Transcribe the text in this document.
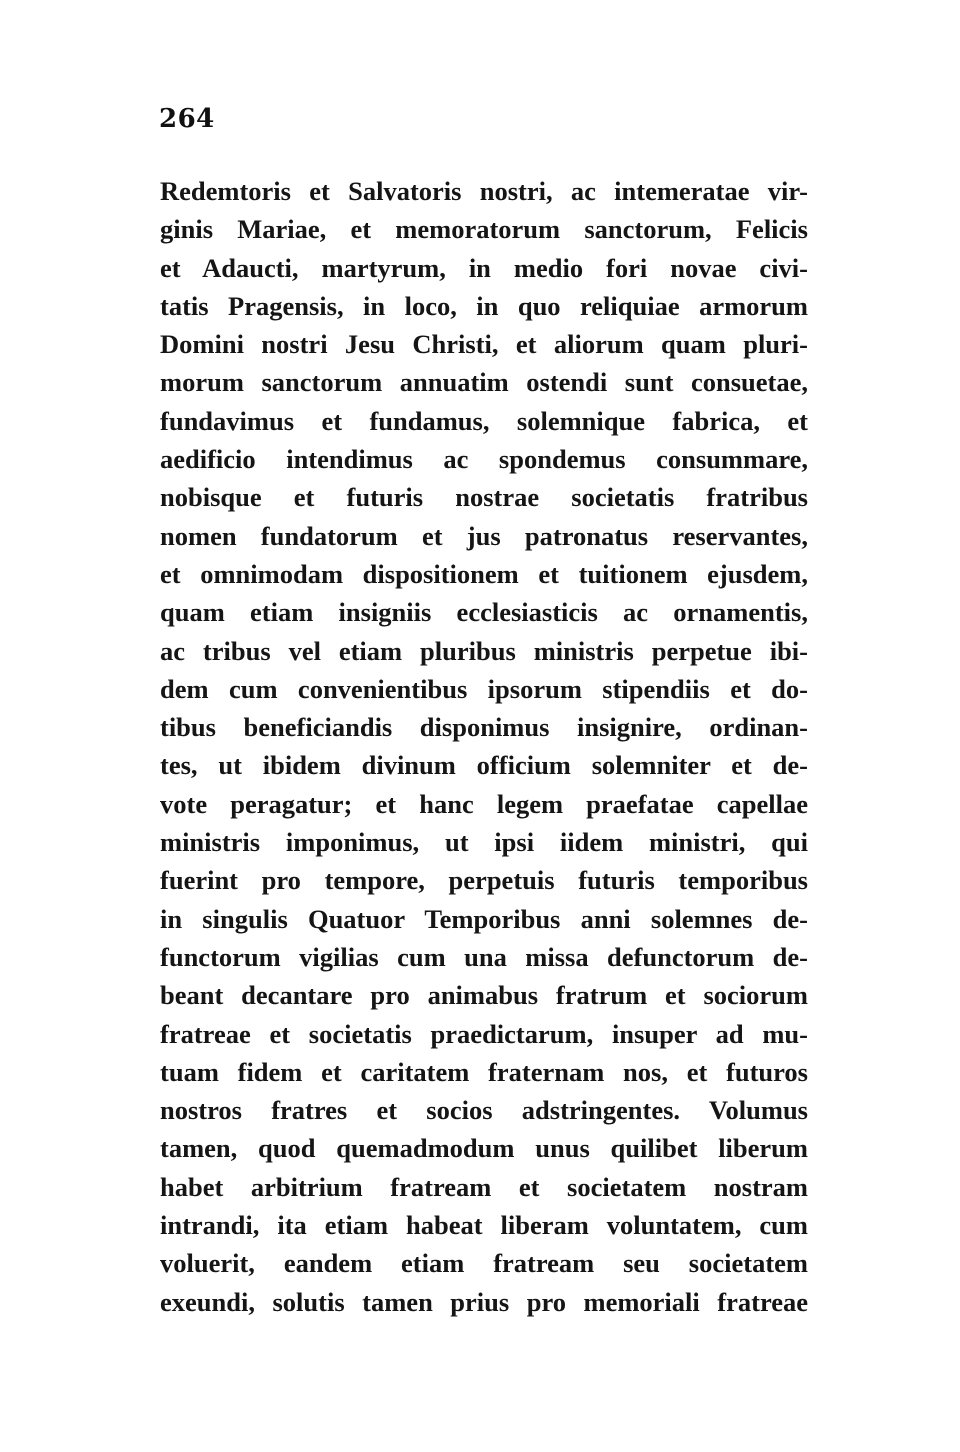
264
Redemtoris et Salvatoris nostri, ac intemeratae vir-
ginis Mariae, et memoratorum sanctorum, Felicis
et Adaucti, martyrum, in medio fori novae civi-
tatis Pragensis, in loco, in quo reliquiae armorum
Domini nostri Jesu Christi, et aliorum quam pluri-
morum sanctorum annuatim ostendi sunt consuetae,
fundavimus et fundamus, solemnique fabrica, et
aedificio intendimus ac spondemus consummare,
nobisque et futuris nostrae societatis fratribus
nomen fundatorum et jus patronatus reservantes,
et omnimodam dispositionem et tuitionem ejusdem,
quam etiam insigniis ecclesiasticis ac ornamentis,
ac tribus vel etiam pluribus ministris perpetue ibi-
dem cum convenientibus ipsorum stipendiis et do-
tibus beneficiandis disponimus insignire, ordinan-
tes, ut ibidem divinum officium solemniter et de-
vote peragatur; et hanc legem praefatae capellae
ministris imponimus, ut ipsi iidem ministri, qui
fuerint pro tempore, perpetuis futuris temporibus
in singulis Quatuor Temporibus anni solemnes de-
functorum vigilias cum una missa defunctorum de-
beant decantare pro animabus fratrum et sociorum
fratreae et societatis praedictarum, insuper ad mu-
tuam fidem et caritatem fraternam nos, et futuros
nostros fratres et socios adstringentes. Volumus
tamen, quod quemadmodum unus quilibet liberum
habet arbitrium fratream et societatem nostram
intrandi, ita etiam habeat liberam voluntatem, cum
voluerit, eandem etiam fratream seu societatem
exeundi, solutis tamen prius pro memoriali fratreae
